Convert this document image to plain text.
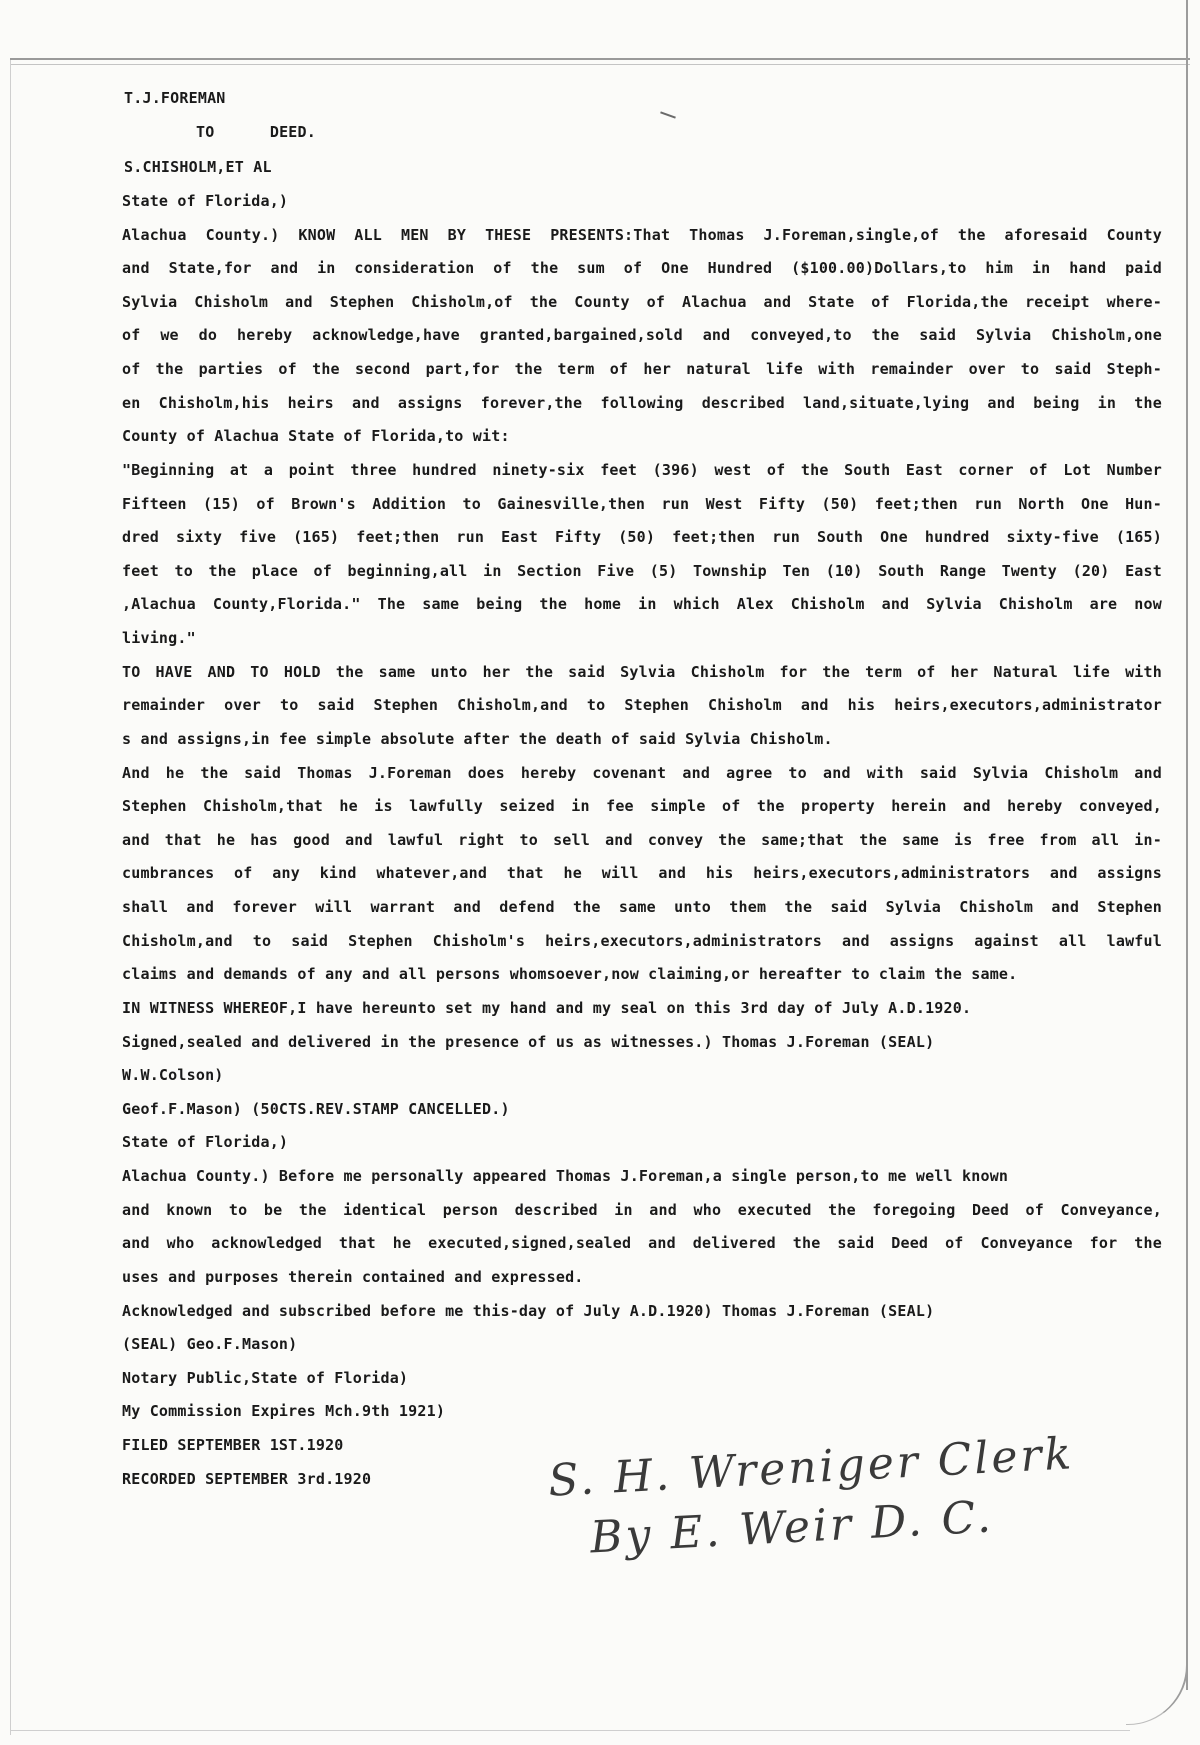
T.J.FOREMAN
TO      DEED.
S.CHISHOLM,ET AL
State of Florida,)
Alachua County.) KNOW ALL MEN BY THESE PRESENTS:That Thomas J.Foreman,single,of the aforesaid County
and State,for and in consideration of the sum of One Hundred ($100.00)Dollars,to him in hand paid
Sylvia Chisholm and Stephen Chisholm,of the County of Alachua and State of Florida,the receipt where-
of we do hereby acknowledge,have granted,bargained,sold and conveyed,to the said Sylvia Chisholm,one
of the parties of the second part,for the term of her natural life with remainder over to said Steph-
en Chisholm,his heirs and assigns forever,the following described land,situate,lying and being in the
County of Alachua State of Florida,to wit:
"Beginning at a point three hundred ninety-six feet (396) west of the South East corner of Lot Number
Fifteen (15) of Brown's Addition to Gainesville,then run West Fifty (50) feet;then run North One Hun-
dred sixty five (165) feet;then run East Fifty (50) feet;then run South One hundred sixty-five (165)
feet to the place of beginning,all in Section Five (5) Township Ten (10) South Range Twenty (20) East
,Alachua County,Florida." The same being the home in which Alex Chisholm and Sylvia Chisholm are now
living."
TO HAVE AND TO HOLD the same unto her the said Sylvia Chisholm for the term of her Natural life with
remainder over to said Stephen Chisholm,and to Stephen Chisholm and his heirs,executors,administrator
s and assigns,in fee simple absolute after the death of said Sylvia Chisholm.
And he the said Thomas J.Foreman does hereby covenant and agree to and with said Sylvia Chisholm and
Stephen Chisholm,that he is lawfully seized in fee simple of the property herein and hereby conveyed,
and that he has good and lawful right to sell and convey the same;that the same is free from all in-
cumbrances of any kind whatever,and that he will and his heirs,executors,administrators and assigns
shall and forever will warrant and defend the same unto them the said Sylvia Chisholm and Stephen
Chisholm,and to said Stephen Chisholm's heirs,executors,administrators and assigns against all lawful
claims and demands of any and all persons whomsoever,now claiming,or hereafter to claim the same.
IN WITNESS WHEREOF,I have hereunto set my hand and my seal on this 3rd day of July A.D.1920.
Signed,sealed and delivered in the presence of us as witnesses.) Thomas J.Foreman (SEAL)
W.W.Colson)
Geof.F.Mason) (50CTS.REV.STAMP CANCELLED.)
State of Florida,)
Alachua County.) Before me personally appeared Thomas J.Foreman,a single person,to me well known
and known to be the identical person described in and who executed the foregoing Deed of Conveyance,
and who acknowledged that he executed,signed,sealed and delivered the said Deed of Conveyance for the
uses and purposes therein contained and expressed.
Acknowledged and subscribed before me this-day of July A.D.1920) Thomas J.Foreman (SEAL)
(SEAL) Geo.F.Mason)
Notary Public,State of Florida)
My Commission Expires Mch.9th 1921)
FILED SEPTEMBER 1ST.1920
RECORDED SEPTEMBER 3rd.1920	S. H. Wreniger Clerk
By E. Weir D. C.
